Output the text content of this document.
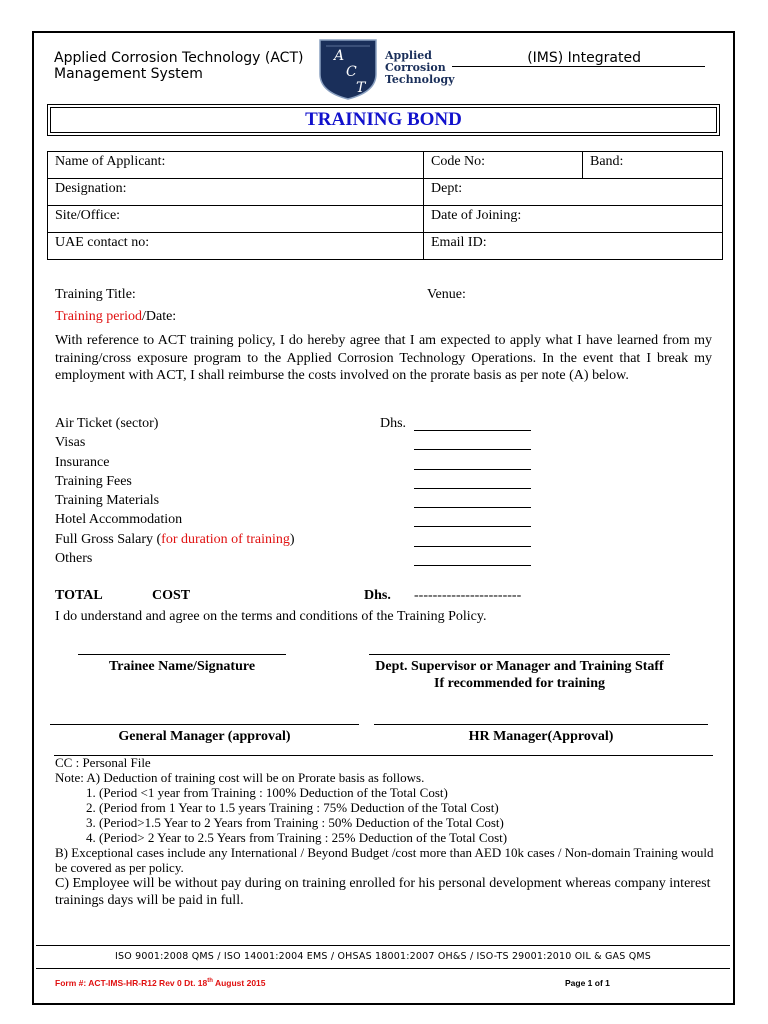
Applied Corrosion Technology (ACT)
Management System
A
C
T
Applied
Corrosion
Technology
(IMS) Integrated
TRAINING BOND
Name of Applicant:	Code No:	Band:
Designation:	Dept:	
Site/Office:	Date of Joining:	
UAE contact no:	Email ID:	
Training Title:	Venue:
Training period/Date:
With reference to ACT training policy, I do hereby agree that I am expected to apply what I have learned from my training/cross exposure program to the Applied Corrosion Technology Operations. In the event that I break my employment with ACT, I shall reimburse the costs involved on the prorate basis as per note (A) below.
Air Ticket (sector)	Dhs.
Visas
Insurance
Training Fees
Training Materials
Hotel Accommodation
Full Gross Salary (for duration of training)
Others
TOTAL	COST	Dhs. -----------------------
I do understand and agree on the terms and conditions of the Training Policy.
Trainee Name/Signature	Dept. Supervisor or Manager and Training Staff
If recommended for training
General Manager (approval)	HR Manager(Approval)
CC : Personal File
Note: A) Deduction of training cost will be on Prorate basis as follows.
1. (Period <1 year from Training : 100% Deduction of the Total Cost)
2. (Period from 1 Year to 1.5 years Training : 75% Deduction of the Total Cost)
3. (Period>1.5 Year to 2 Years from Training : 50% Deduction of the Total Cost)
4. (Period> 2 Year to 2.5 Years from Training : 25% Deduction of the Total Cost)
B) Exceptional cases include any International / Beyond Budget /cost more than AED 10k cases / Non-domain Training would be covered as per policy.
C) Employee will be without pay during on training enrolled for his personal development whereas company interest trainings days will be paid in full.
ISO 9001:2008 QMS / ISO 14001:2004 EMS / OHSAS 18001:2007 OH&S / ISO-TS 29001:2010 OIL & GAS QMS
Form #: ACT-IMS-HR-R12 Rev 0 Dt. 18th August 2015	Page 1 of 1
